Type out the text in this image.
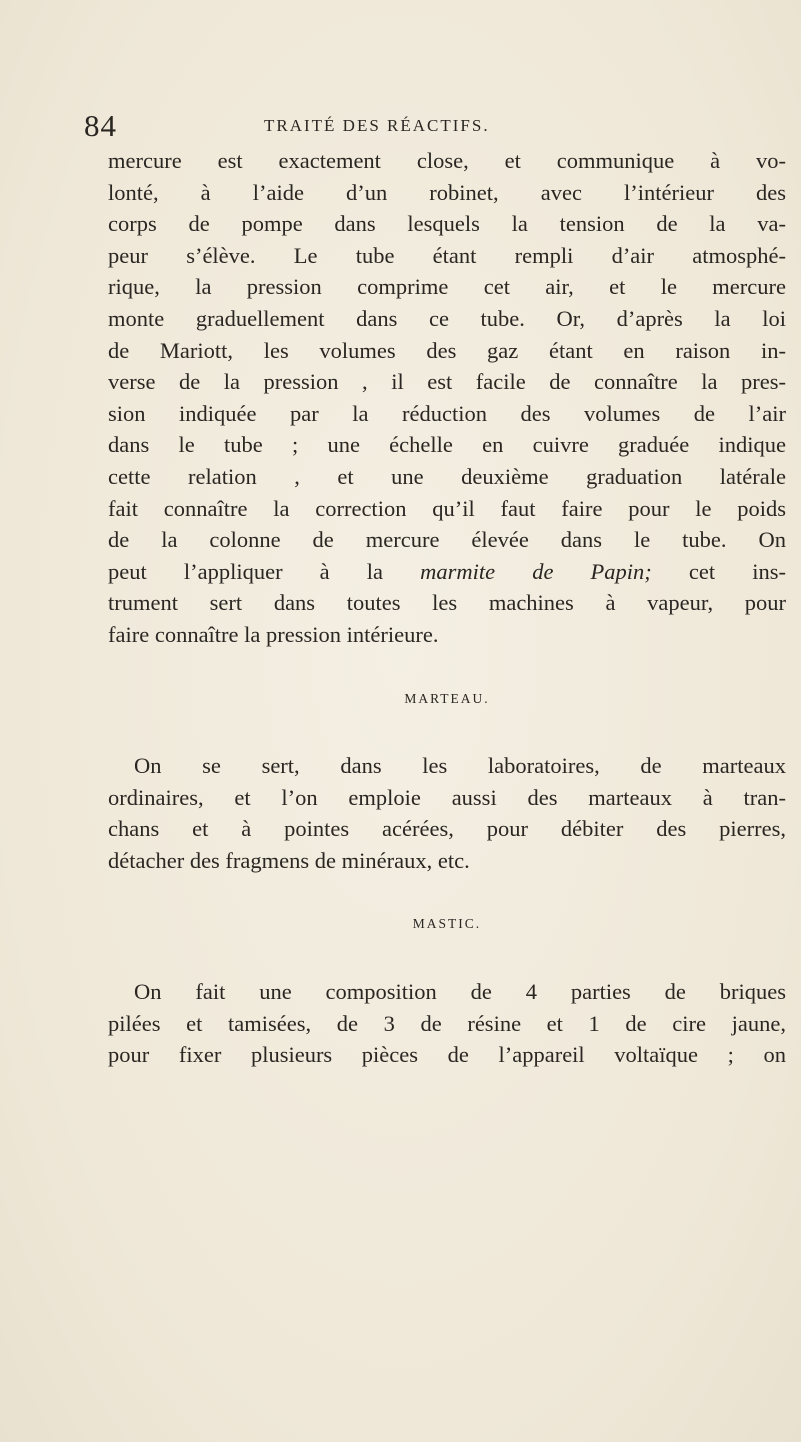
84	TRAITÉ DES RÉACTIFS.
mercure est exactement close, et communique à vo-
lonté, à l’aide d’un robinet, avec l’intérieur des
corps de pompe dans lesquels la tension de la va-
peur s’élève. Le tube étant rempli d’air atmosphé-
rique, la pression comprime cet air, et le mercure
monte graduellement dans ce tube. Or, d’après la loi
de Mariott, les volumes des gaz étant en raison in-
verse de la pression , il est facile de connaître la pres-
sion indiquée par la réduction des volumes de l’air
dans le tube ; une échelle en cuivre graduée indique
cette relation , et une deuxième graduation latérale
fait connaître la correction qu’il faut faire pour le poids
de la colonne de mercure élevée dans le tube. On
peut l’appliquer à la marmite de Papin; cet ins-
trument sert dans toutes les machines à vapeur, pour
faire connaître la pression intérieure.
MARTEAU.
On se sert, dans les laboratoires, de marteaux
ordinaires, et l’on emploie aussi des marteaux à tran-
chans et à pointes acérées, pour débiter des pierres,
détacher des fragmens de minéraux, etc.
MASTIC.
On fait une composition de 4 parties de briques
pilées et tamisées, de 3 de résine et 1 de cire jaune,
pour fixer plusieurs pièces de l’appareil voltaïque ; on
